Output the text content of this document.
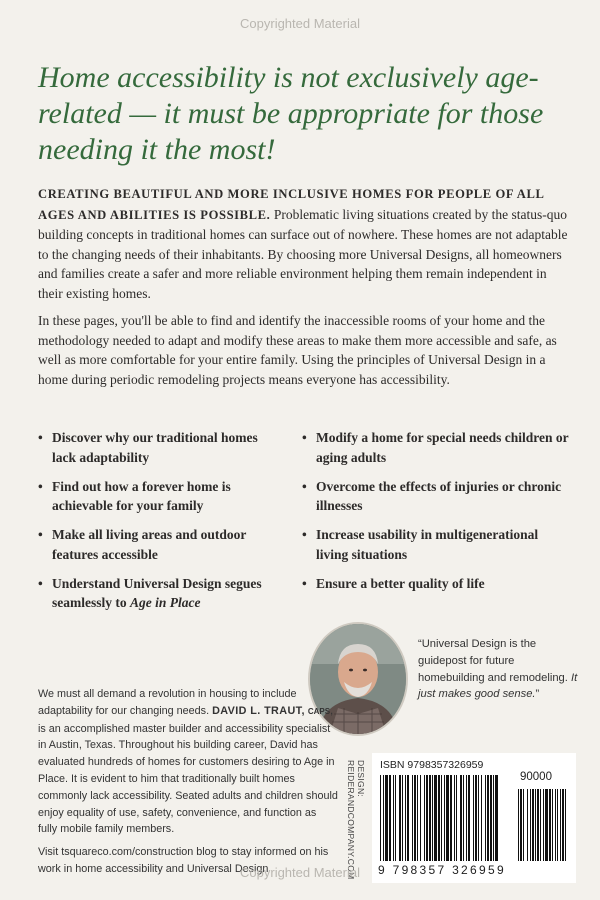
Copyrighted Material
Home accessibility is not exclusively age-related — it must be appropriate for those needing it the most!

CREATING BEAUTIFUL AND MORE INCLUSIVE HOMES FOR PEOPLE OF ALL AGES AND ABILITIES IS POSSIBLE. Problematic living situations created by the status-quo building concepts in traditional homes can surface out of nowhere. These homes are not adaptable to the changing needs of their inhabitants. By choosing more Universal Designs, all homeowners and families create a safer and more reliable environment helping them remain independent in their existing homes.

In these pages, you'll be able to find and identify the inaccessible rooms of your home and the methodology needed to adapt and modify these areas to make them more accessible and safe, as well as more comfortable for your entire family. Using the principles of Universal Design in a home during periodic remodeling projects means everyone has accessibility.

• Discover why our traditional homes lack adaptability
• Find out how a forever home is achievable for your family
• Make all living areas and outdoor features accessible
• Understand Universal Design segues seamlessly to Age in Place
• Modify a home for special needs children or aging adults
• Overcome the effects of injuries or chronic illnesses
• Increase usability in multigenerational living situations
• Ensure a better quality of life
“Universal Design is the guidepost for future homebuilding and remodeling. It just makes good sense.”

We must all demand a revolution in housing to include adaptability for our changing needs. DAVID L. TRAUT, CAPS, is an accomplished master builder and accessibility specialist in Austin, Texas. Throughout his building career, David has evaluated hundreds of homes for customers desiring to Age in Place. It is evident to him that traditionally built homes commonly lack accessibility. Seated adults and children should enjoy equality of use, safety, convenience, and function as fully mobile family members.

Visit tsquareco.com/construction blog to stay informed on his work in home accessibility and Universal Design
DESIGN: REIDERANDCOMPANY.COM	ISBN 9798357326959
90000
9 798357 326959
Copyrighted Material
